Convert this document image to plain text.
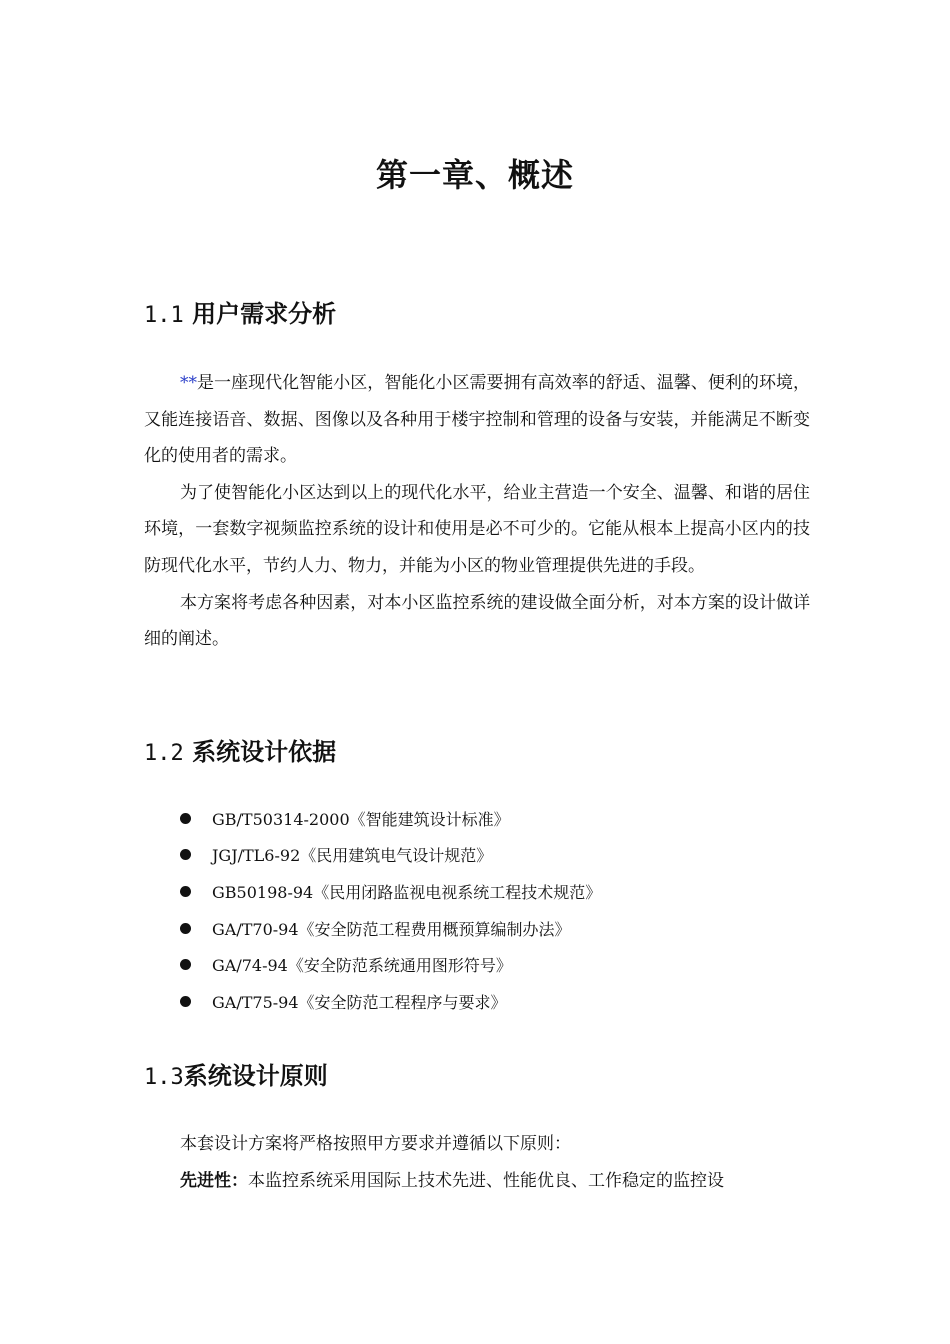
第一章、概述
1.1 用户需求分析

**是一座现代化智能小区，智能化小区需要拥有高效率的舒适、温馨、便利的环境，又能连接语音、数据、图像以及各种用于楼宇控制和管理的设备与安装，并能满足不断变化的使用者的需求。

为了使智能化小区达到以上的现代化水平，给业主营造一个安全、温馨、和谐的居住环境，一套数字视频监控系统的设计和使用是必不可少的。它能从根本上提高小区内的技防现代化水平，节约人力、物力，并能为小区的物业管理提供先进的手段。

本方案将考虑各种因素，对本小区监控系统的建设做全面分析，对本方案的设计做详细的阐述。

1.2 系统设计依据
GB/T50314-2000《智能建筑设计标准》
JGJ/TL6-92《民用建筑电气设计规范》
GB50198-94《民用闭路监视电视系统工程技术规范》
GA/T70-94《安全防范工程费用概预算编制办法》
GA/74-94《安全防范系统通用图形符号》
GA/T75-94《安全防范工程程序与要求》
1.3系统设计原则

本套设计方案将严格按照甲方要求并遵循以下原则：

先进性：本监控系统采用国际上技术先进、性能优良、工作稳定的监控设
